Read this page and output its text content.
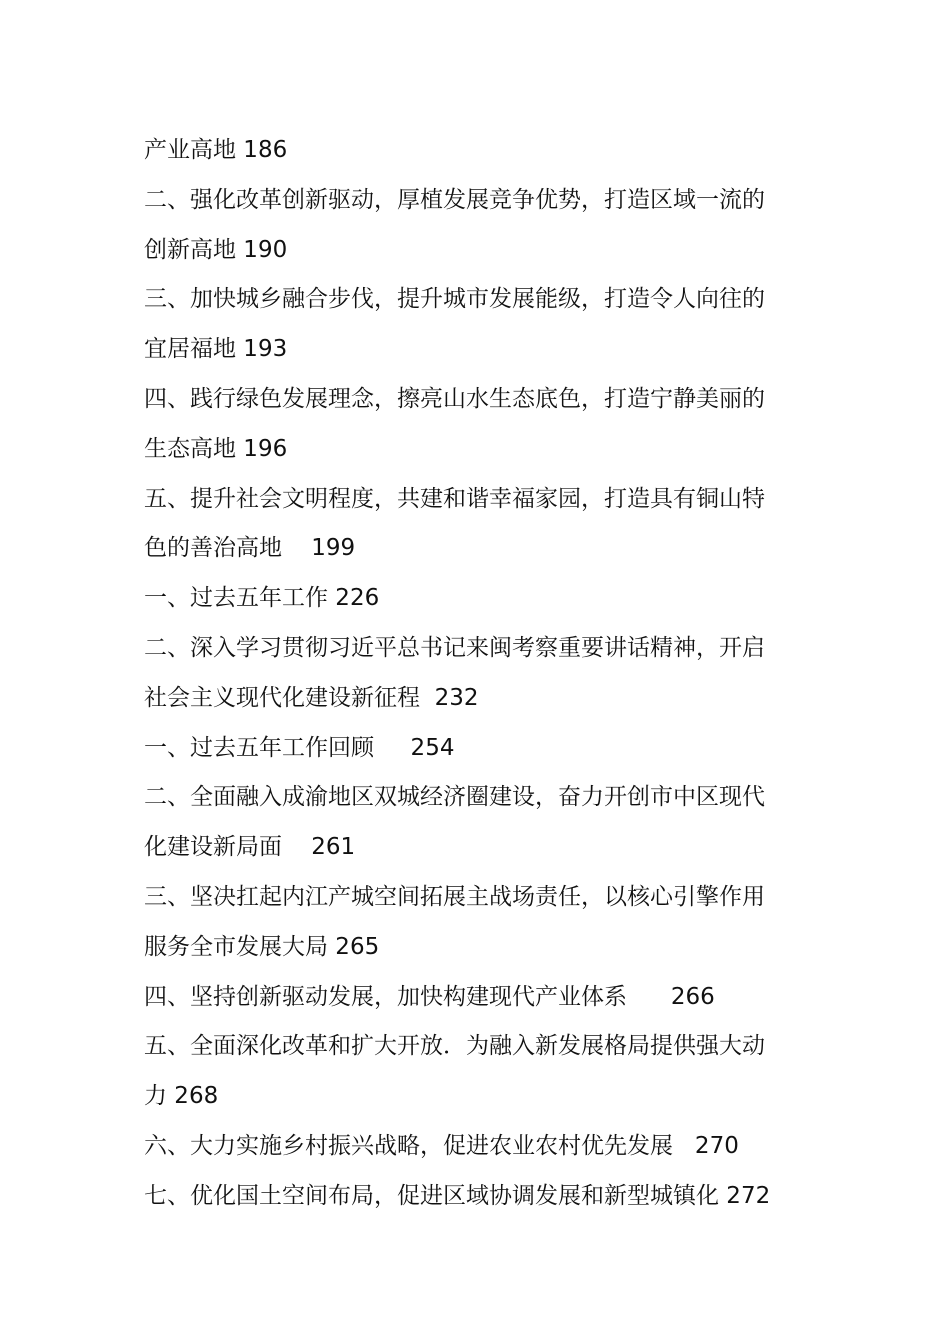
产业高地 186
二、强化改革创新驱动，厚植发展竞争优势，打造区域一流的
创新高地 190
三、加快城乡融合步伐，提升城市发展能级，打造令人向往的
宜居福地 193
四、践行绿色发展理念，擦亮山水生态底色，打造宁静美丽的
生态高地 196
五、提升社会文明程度，共建和谐幸福家园，打造具有铜山特
色的善治高地    199
一、过去五年工作 226
二、深入学习贯彻习近平总书记来闽考察重要讲话精神，开启
社会主义现代化建设新征程  232
一、过去五年工作回顾     254
二、全面融入成渝地区双城经济圈建设，奋力开创市中区现代
化建设新局面    261
三、坚决扛起内江产城空间拓展主战场责任，以核心引擎作用
服务全市发展大局 265
四、坚持创新驱动发展，加快构建现代产业体系      266
五、全面深化改革和扩大开放．为融入新发展格局提供强大动
力 268
六、大力实施乡村振兴战略，促进农业农村优先发展   270
七、优化国土空间布局，促进区域协调发展和新型城镇化 272
